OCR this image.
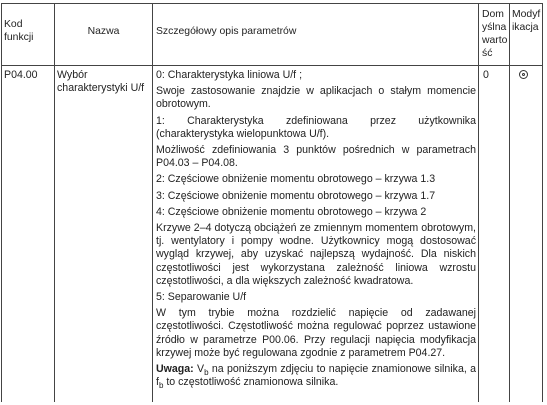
Kod funkcji
Nazwa	Szczegółowy opis parametrów
Domyślna wartość
Modyfikacja
P04.00	Wybór charakterystyki U/f
0

0: Charakterystyka liniowa U/f ;

Swoje zastosowanie znajdzie w aplikacjach o stałym momencie obrotowym.

1: Charakterystyka zdefiniowana przez użytkownika (charakterystyka wielopunktowa U/f).

Możliwość zdefiniowania 3 punktów pośrednich w parametrach P04.03 – P04.08.

2: Częściowe obniżenie momentu obrotowego – krzywa 1.3

3: Częściowe obniżenie momentu obrotowego – krzywa 1.7

4: Częściowe obniżenie momentu obrotowego – krzywa 2

Krzywe 2–4 dotyczą obciążeń ze zmiennym momentem obrotowym, tj. wentylatory i pompy wodne. Użytkownicy mogą dostosować wygląd krzywej, aby uzyskać najlepszą wydajność. Dla niskich częstotliwości jest wykorzystana zależność liniowa wzrostu częstotliwości, a dla większych zależność kwadratowa.

5: Separowanie U/f

W tym trybie można rozdzielić napięcie od zadawanej częstotliwości. Częstotliwość można regulować poprzez ustawione źródło w parametrze P00.06. Przy regulacji napięcia modyfikacja krzywej może być regulowana zgodnie z parametrem P04.27.

Uwaga: $V_b$ na poniższym zdjęciu to napięcie znamionowe silnika, a $f_b$ to częstotliwość znamionowa silnika.
